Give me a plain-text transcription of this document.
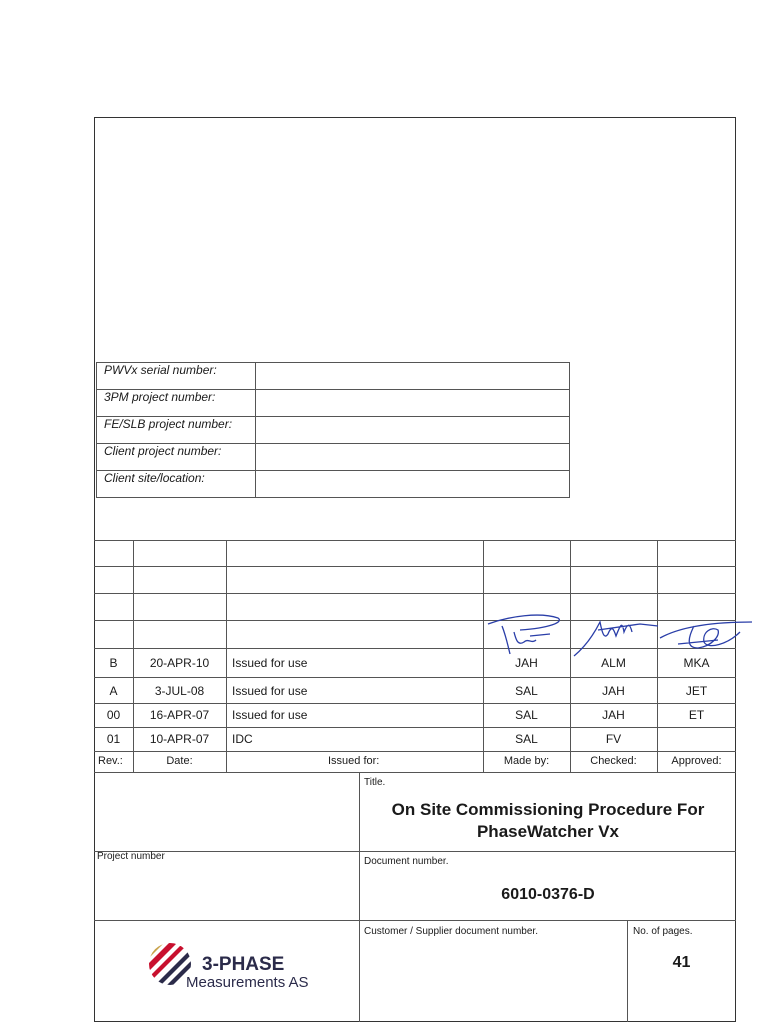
PWVx serial number:
3PM project number:
FE/SLB project number:
Client project number:
Client site/location:
B	20-APR-10	Issued for use	JAH	ALM	MKA
A	3-JUL-08	Issued for use	SAL	JAH	JET
00	16-APR-07	Issued for use	SAL	JAH	ET
01	10-APR-07	IDC	SAL	FV
Rev.:	Date:	Issued for:	Made by:	Checked:	Approved:
Title.
On Site Commissioning Procedure For
PhaseWatcher Vx
Project number	Document number.
6010-0376-D
Customer / Supplier document number.	No. of pages.
41
3-PHASE
Measurements AS
